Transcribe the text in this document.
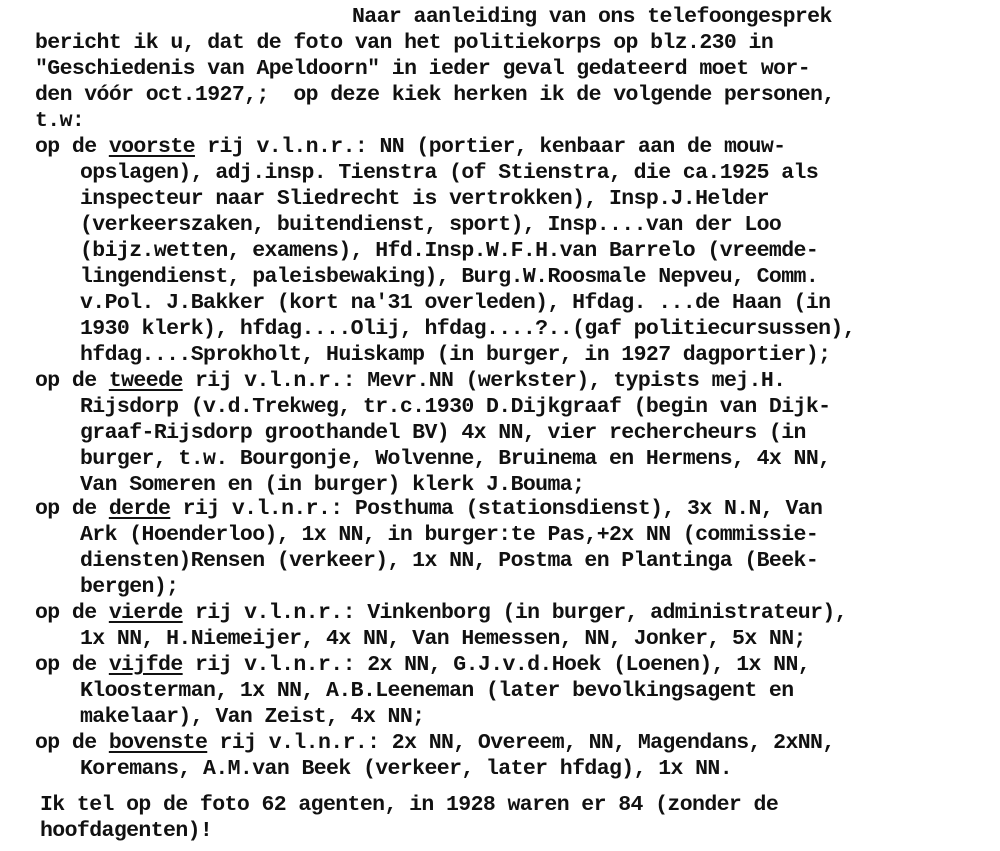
Naar aanleiding van ons telefoongesprek
bericht ik u, dat de foto van het politiekorps op blz.230 in
"Geschiedenis van Apeldoorn" in ieder geval gedateerd moet wor-
den vóór oct.1927,;  op deze kiek herken ik de volgende personen,
t.w:
op de voorste rij v.l.n.r.: NN (portier, kenbaar aan de mouw-
opslagen), adj.insp. Tienstra (of Stienstra, die ca.1925 als
inspecteur naar Sliedrecht is vertrokken), Insp.J.Helder
(verkeerszaken, buitendienst, sport), Insp....van der Loo
(bijz.wetten, examens), Hfd.Insp.W.F.H.van Barrelo (vreemde-
lingendienst, paleisbewaking), Burg.W.Roosmale Nepveu, Comm.
v.Pol. J.Bakker (kort na'31 overleden), Hfdag. ...de Haan (in
1930 klerk), hfdag....Olij, hfdag....?..(gaf politiecursussen),
hfdag....Sprokholt, Huiskamp (in burger, in 1927 dagportier);
op de tweede rij v.l.n.r.: Mevr.NN (werkster), typists mej.H.
Rijsdorp (v.d.Trekweg, tr.c.1930 D.Dijkgraaf (begin van Dijk-
graaf-Rijsdorp groothandel BV) 4x NN, vier rechercheurs (in
burger, t.w. Bourgonje, Wolvenne, Bruinema en Hermens, 4x NN,
Van Someren en (in burger) klerk J.Bouma;
op de derde rij v.l.n.r.: Posthuma (stationsdienst), 3x N.N, Van
Ark (Hoenderloo), 1x NN, in burger:te Pas,+2x NN (commissie-
diensten)Rensen (verkeer), 1x NN, Postma en Plantinga (Beek-
bergen);
op de vierde rij v.l.n.r.: Vinkenborg (in burger, administrateur),
1x NN, H.Niemeijer, 4x NN, Van Hemessen, NN, Jonker, 5x NN;
op de vijfde rij v.l.n.r.: 2x NN, G.J.v.d.Hoek (Loenen), 1x NN,
Kloosterman, 1x NN, A.B.Leeneman (later bevolkingsagent en
makelaar), Van Zeist, 4x NN;
op de bovenste rij v.l.n.r.: 2x NN, Overeem, NN, Magendans, 2xNN,
Koremans, A.M.van Beek (verkeer, later hfdag), 1x NN.
Ik tel op de foto 62 agenten, in 1928 waren er 84 (zonder de
hoofdagenten)!
